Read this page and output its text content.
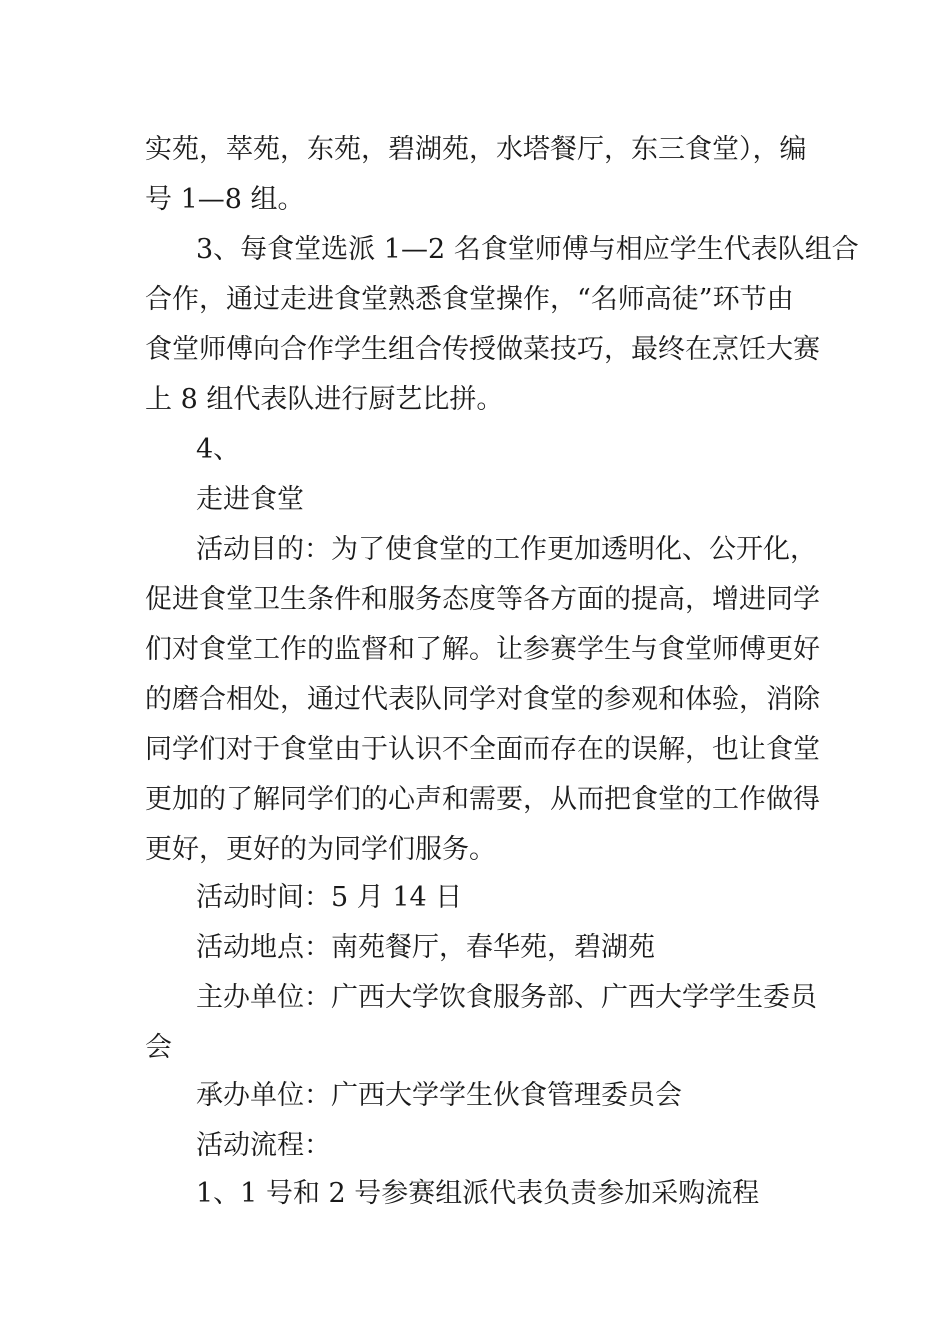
实苑，萃苑，东苑，碧湖苑，水塔餐厅，东三食堂），编
号 1—8 组。
3、每食堂选派 1—2 名食堂师傅与相应学生代表队组合
合作，通过走进食堂熟悉食堂操作，“名师高徒”环节由
食堂师傅向合作学生组合传授做菜技巧，最终在烹饪大赛
上 8 组代表队进行厨艺比拼。
4、
走进食堂
活动目的：为了使食堂的工作更加透明化、公开化，
促进食堂卫生条件和服务态度等各方面的提高，增进同学
们对食堂工作的监督和了解。让参赛学生与食堂师傅更好
的磨合相处，通过代表队同学对食堂的参观和体验，消除
同学们对于食堂由于认识不全面而存在的误解，也让食堂
更加的了解同学们的心声和需要，从而把食堂的工作做得
更好，更好的为同学们服务。
活动时间：5 月 14 日
活动地点：南苑餐厅，春华苑，碧湖苑
主办单位：广西大学饮食服务部、广西大学学生委员
会
承办单位：广西大学学生伙食管理委员会
活动流程：
1、1 号和 2 号参赛组派代表负责参加采购流程
